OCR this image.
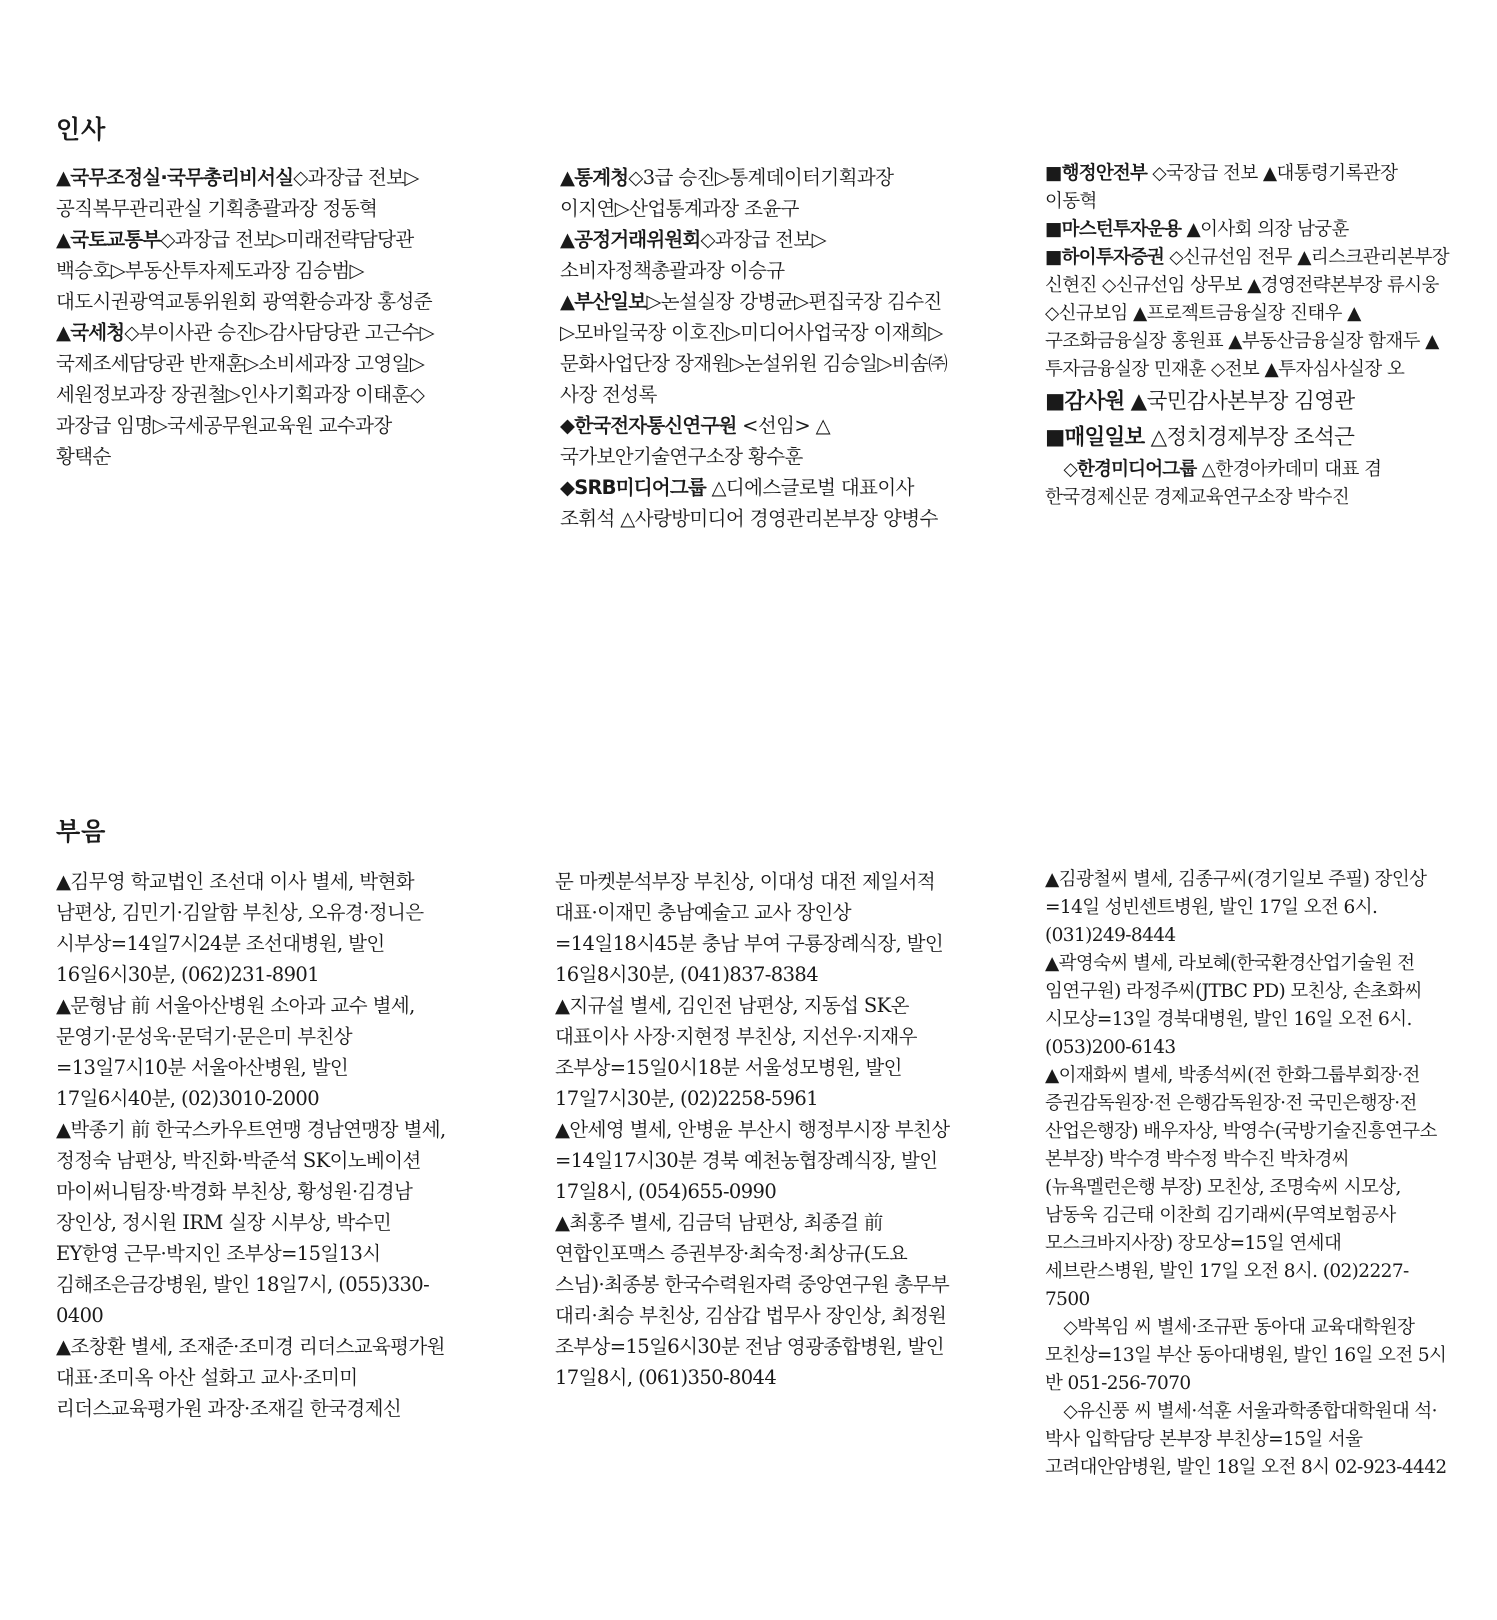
인사

▲국무조정실·국무총리비서실◇과장급 전보▷공직복무관리관실 기획총괄과장 정동혁

▲국토교통부◇과장급 전보▷미래전략담당관 백승호▷부동산투자제도과장 김승범▷대도시권광역교통위원회 광역환승과장 홍성준

▲국세청◇부이사관 승진▷감사담당관 고근수▷국제조세담당관 반재훈▷소비세과장 고영일▷세원정보과장 장권철▷인사기획과장 이태훈◇과장급 임명▷국세공무원교육원 교수과장 황택순

▲통계청◇3급 승진▷통계데이터기획과장 이지연▷산업통계과장 조윤구

▲공정거래위원회◇과장급 전보▷소비자정책총괄과장 이승규

▲부산일보▷논설실장 강병균▷편집국장 김수진▷모바일국장 이호진▷미디어사업국장 이재희▷문화사업단장 장재원▷논설위원 김승일▷비솜㈜ 사장 전성록

◆한국전자통신연구원 <선임> △국가보안기술연구소장 황수훈

◆SRB미디어그룹 △디에스글로벌 대표이사 조휘석 △사랑방미디어 경영관리본부장 양병수

■행정안전부 ◇국장급 전보 ▲대통령기록관장 이동혁

■마스턴투자운용 ▲이사회 의장 남궁훈

■하이투자증권 ◇신규선임 전무 ▲리스크관리본부장 신현진 ◇신규선임 상무보 ▲경영전략본부장 류시웅 ◇신규보임 ▲프로젝트금융실장 진태우 ▲구조화금융실장 홍원표 ▲부동산금융실장 함재두 ▲투자금융실장 민재훈 ◇전보 ▲투자심사실장 오

■감사원 ▲국민감사본부장 김영관

■매일일보 △정치경제부장 조석근

◇한경미디어그룹 △한경아카데미 대표 겸 한국경제신문 경제교육연구소장 박수진

부음

▲김무영 학교법인 조선대 이사 별세, 박현화 남편상, 김민기·김알함 부친상, 오유경·정니은 시부상=14일7시24분 조선대병원, 발인 16일6시30분, (062)231-8901

▲문형남 前 서울아산병원 소아과 교수 별세, 문영기·문성욱·문덕기·문은미 부친상=13일7시10분 서울아산병원, 발인 17일6시40분, (02)3010-2000

▲박종기 前 한국스카우트연맹 경남연맹장 별세, 정정숙 남편상, 박진화·박준석 SK이노베이션 마이써니팀장·박경화 부친상, 황성원·김경남 장인상, 정시원 IRM 실장 시부상, 박수민 EY한영 근무·박지인 조부상=15일13시 김해조은금강병원, 발인 18일7시, (055)330-0400

▲조창환 별세, 조재준·조미경 리더스교육평가원 대표·조미옥 아산 설화고 교사·조미미 리더스교육평가원 과장·조재길 한국경제신

문 마켓분석부장 부친상, 이대성 대전 제일서적 대표·이재민 충남예술고 교사 장인상=14일18시45분 충남 부여 구룡장례식장, 발인 16일8시30분, (041)837-8384

▲지규설 별세, 김인전 남편상, 지동섭 SK온 대표이사 사장·지현정 부친상, 지선우·지재우 조부상=15일0시18분 서울성모병원, 발인 17일7시30분, (02)2258-5961

▲안세영 별세, 안병윤 부산시 행정부시장 부친상=14일17시30분 경북 예천농협장례식장, 발인 17일8시, (054)655-0990

▲최홍주 별세, 김금덕 남편상, 최종걸 前 연합인포맥스 증권부장·최숙정·최상규(도요 스님)·최종봉 한국수력원자력 중앙연구원 총무부 대리·최승 부친상, 김삼갑 법무사 장인상, 최정원 조부상=15일6시30분 전남 영광종합병원, 발인 17일8시, (061)350-8044

▲김광철씨 별세, 김종구씨(경기일보 주필) 장인상=14일 성빈센트병원, 발인 17일 오전 6시. (031)249-8444

▲곽영숙씨 별세, 라보혜(한국환경산업기술원 전 임연구원) 라정주씨(JTBC PD) 모친상, 손초화씨 시모상=13일 경북대병원, 발인 16일 오전 6시. (053)200-6143

▲이재화씨 별세, 박종석씨(전 한화그룹부회장·전 증권감독원장·전 은행감독원장·전 국민은행장·전 산업은행장) 배우자상, 박영수(국방기술진흥연구소 본부장) 박수경 박수정 박수진 박차경씨(뉴욕멜런은행 부장) 모친상, 조명숙씨 시모상, 남동욱 김근태 이찬희 김기래씨(무역보험공사 모스크바지사장) 장모상=15일 연세대 세브란스병원, 발인 17일 오전 8시. (02)2227-7500

◇박복임 씨 별세·조규판 동아대 교육대학원장 모친상=13일 부산 동아대병원, 발인 16일 오전 5시 반 051-256-7070

◇유신풍 씨 별세·석훈 서울과학종합대학원대 석·박사 입학담당 본부장 부친상=15일 서울 고려대안암병원, 발인 18일 오전 8시 02-923-4442
